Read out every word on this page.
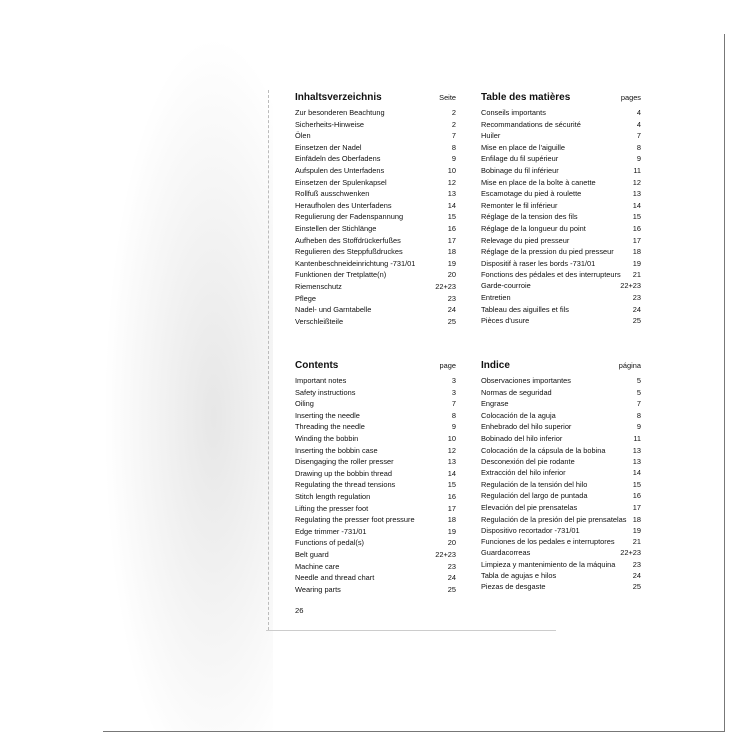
Inhaltsverzeichnis	Seite
Zur besonderen Beachtung	2
Sicherheits-Hinweise	2
Ölen	7
Einsetzen der Nadel	8
Einfädeln des Oberfadens	9
Aufspulen des Unterfadens	10
Einsetzen der Spulenkapsel	12
Rollfuß ausschwenken	13
Heraufholen des Unterfadens	14
Regulierung der Fadenspannung	15
Einstellen der Stichlänge	16
Aufheben des Stoffdrückerfußes	17
Regulieren des Steppfußdruckes	18
Kantenbeschneideinrichtung -731/01	19
Funktionen der Tretplatte(n)	20
Riemenschutz	22+23
Pflege	23
Nadel- und Garntabelle	24
Verschleißteile	25
Table des matières	pages
Conseils importants	4
Recommandations de sécurité	4
Huiler	7
Mise en place de l'aiguille	8
Enfilage du fil supérieur	9
Bobinage du fil inférieur	11
Mise en place de la boîte à canette	12
Escamotage du pied à roulette	13
Remonter le fil inférieur	14
Réglage de la tension des fils	15
Réglage de la longueur du point	16
Relevage du pied presseur	17
Réglage de la pression du pied presseur	18
Dispositif à raser les bords -731/01	19
Fonctions des pédales et des interrupteurs	21
Garde-courroie	22+23
Entretien	23
Tableau des aiguilles et fils	24
Pièces d'usure	25
Contents	page
Important notes	3
Safety instructions	3
Oiling	7
Inserting the needle	8
Threading the needle	9
Winding the bobbin	10
Inserting the bobbin case	12
Disengaging the roller presser	13
Drawing up the bobbin thread	14
Regulating the thread tensions	15
Stitch length regulation	16
Lifting the presser foot	17
Regulating the presser foot pressure	18
Edge trimmer -731/01	19
Functions of pedal(s)	20
Belt guard	22+23
Machine care	23
Needle and thread chart	24
Wearing parts	25
Indice	página
Observaciones importantes	5
Normas de seguridad	5
Engrase	7
Colocación de la aguja	8
Enhebrado del hilo superior	9
Bobinado del hilo inferior	11
Colocación de la cápsula de la bobina	13
Desconexión del pie rodante	13
Extracción del hilo inferior	14
Regulación de la tensión del hilo	15
Regulación del largo de puntada	16
Elevación del pie prensatelas	17
Regulación de la presión del pie prensatelas 18
Dispositivo recortador -731/01	19
Funciones de los pedales e interruptores	21
Guardacorreas	22+23
Limpieza y mantenimiento de la máquina	23
Tabla de agujas e hilos	24
Piezas de desgaste	25
26
